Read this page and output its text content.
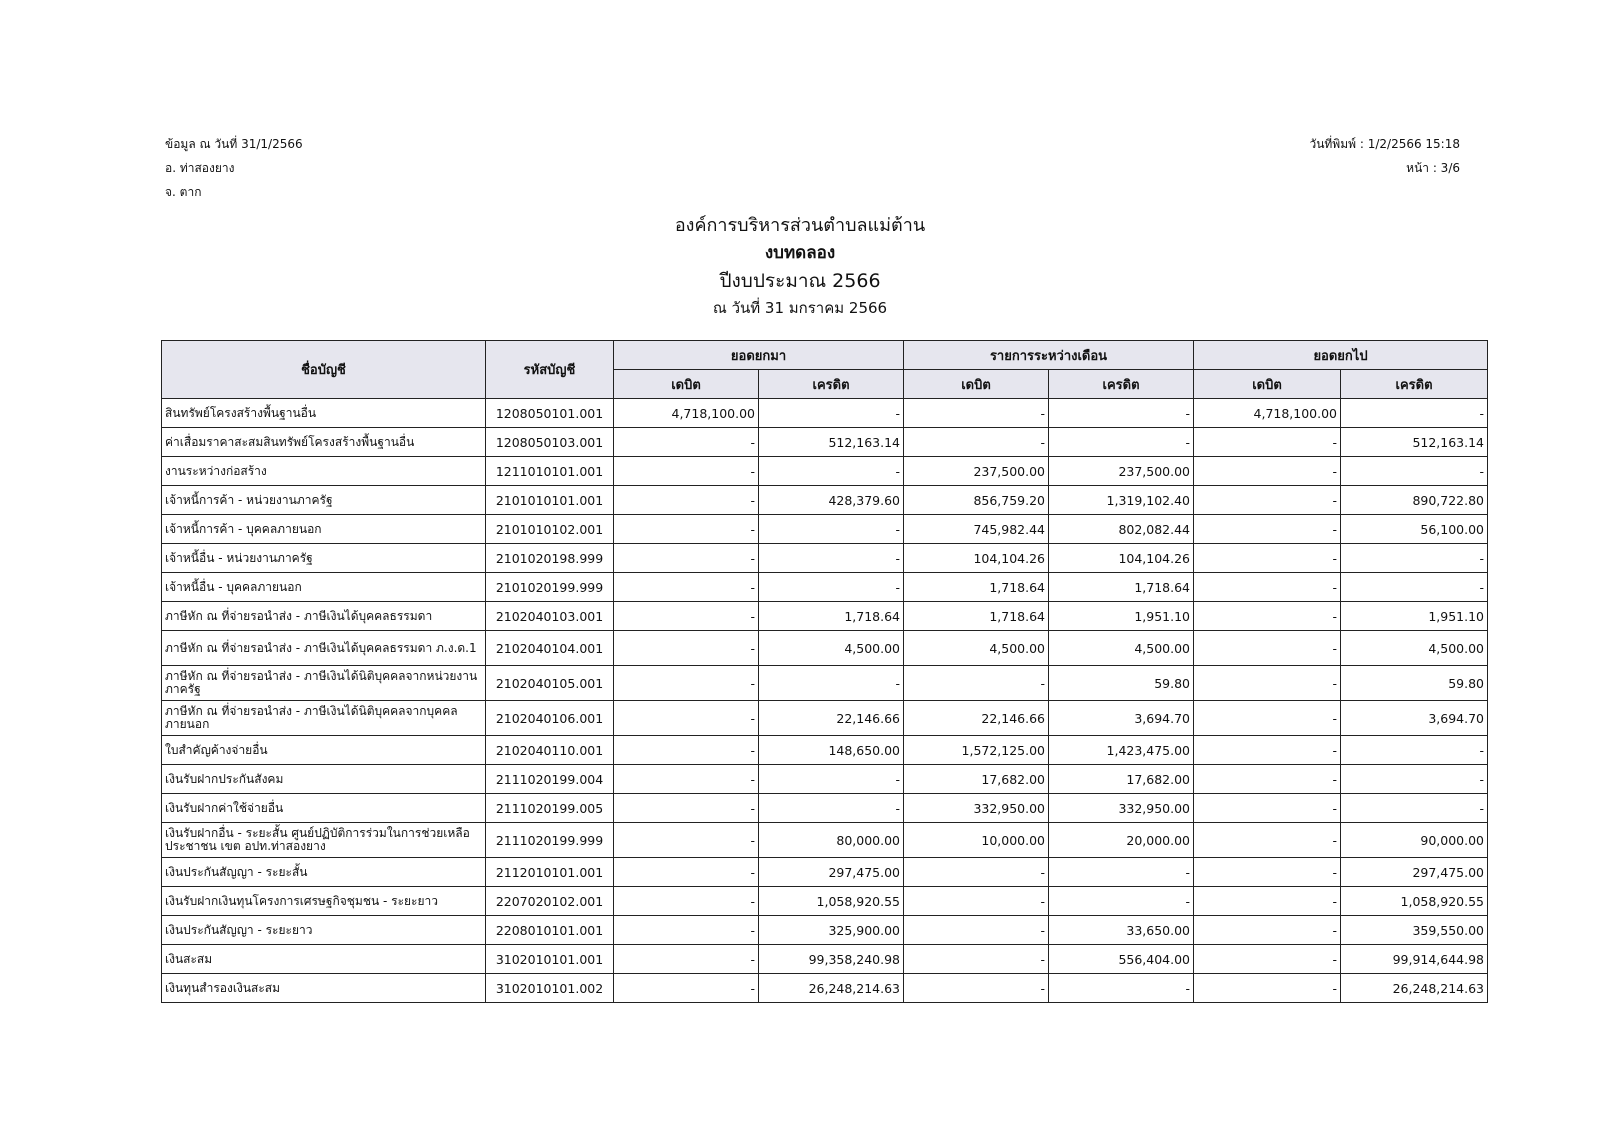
ข้อมูล ณ วันที่ 31/1/2566
อ. ท่าสองยาง
จ. ตาก
วันที่พิมพ์ : 1/2/2566 15:18
หน้า : 3/6
องค์การบริหารส่วนตำบลแม่ต้าน
งบทดลอง
ปีงบประมาณ 2566
ณ วันที่ 31 มกราคม 2566
ชื่อบัญชี	รหัสบัญชี	ยอดยกมา		รายการระหว่างเดือน		ยอดยกไป	
		เดบิต	เครดิต	เดบิต	เครดิต	เดบิต	เครดิต
สินทรัพย์โครงสร้างพื้นฐานอื่น	1208050101.001	4,718,100.00	-	-	-	4,718,100.00	-
ค่าเสื่อมราคาสะสมสินทรัพย์โครงสร้างพื้นฐานอื่น	1208050103.001	-	512,163.14	-	-	-	512,163.14
งานระหว่างก่อสร้าง	1211010101.001	-	-	237,500.00	237,500.00	-	-
เจ้าหนี้การค้า - หน่วยงานภาครัฐ	2101010101.001	-	428,379.60	856,759.20	1,319,102.40	-	890,722.80
เจ้าหนี้การค้า - บุคคลภายนอก	2101010102.001	-	-	745,982.44	802,082.44	-	56,100.00
เจ้าหนี้อื่น - หน่วยงานภาครัฐ	2101020198.999	-	-	104,104.26	104,104.26	-	-
เจ้าหนี้อื่น - บุคคลภายนอก	2101020199.999	-	-	1,718.64	1,718.64	-	-
ภาษีหัก ณ ที่จ่ายรอนำส่ง - ภาษีเงินได้บุคคลธรรมดา	2102040103.001	-	1,718.64	1,718.64	1,951.10	-	1,951.10
ภาษีหัก ณ ที่จ่ายรอนำส่ง - ภาษีเงินได้บุคคลธรรมดา ภ.ง.ด.1	2102040104.001	-	4,500.00	4,500.00	4,500.00	-	4,500.00
ภาษีหัก ณ ที่จ่ายรอนำส่ง - ภาษีเงินได้นิติบุคคลจากหน่วยงานภาครัฐ	2102040105.001	-	-	-	59.80	-	59.80
ภาษีหัก ณ ที่จ่ายรอนำส่ง - ภาษีเงินได้นิติบุคคลจากบุคคลภายนอก	2102040106.001	-	22,146.66	22,146.66	3,694.70	-	3,694.70
ใบสำคัญค้างจ่ายอื่น	2102040110.001	-	148,650.00	1,572,125.00	1,423,475.00	-	-
เงินรับฝากประกันสังคม	2111020199.004	-	-	17,682.00	17,682.00	-	-
เงินรับฝากค่าใช้จ่ายอื่น	2111020199.005	-	-	332,950.00	332,950.00	-	-
เงินรับฝากอื่น - ระยะสั้น ศูนย์ปฏิบัติการร่วมในการช่วยเหลือประชาชน เขต อปท.ท่าสองยาง	2111020199.999	-	80,000.00	10,000.00	20,000.00	-	90,000.00
เงินประกันสัญญา - ระยะสั้น	2112010101.001	-	297,475.00	-	-	-	297,475.00
เงินรับฝากเงินทุนโครงการเศรษฐกิจชุมชน - ระยะยาว	2207020102.001	-	1,058,920.55	-	-	-	1,058,920.55
เงินประกันสัญญา - ระยะยาว	2208010101.001	-	325,900.00	-	33,650.00	-	359,550.00
เงินสะสม	3102010101.001	-	99,358,240.98	-	556,404.00	-	99,914,644.98
เงินทุนสำรองเงินสะสม	3102010101.002	-	26,248,214.63	-	-	-	26,248,214.63
